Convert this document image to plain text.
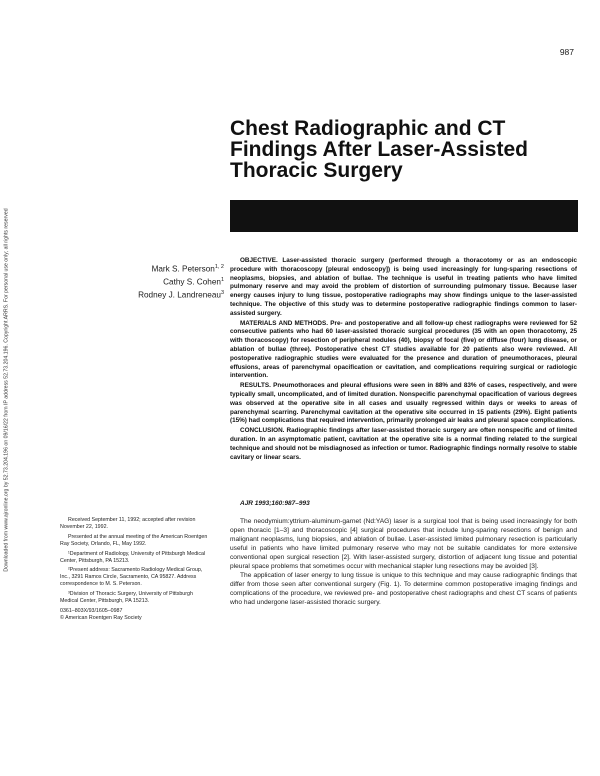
Downloaded from www.ajronline.org by 52.73.204.196 on 09/16/22 from IP address 52.73.204.196. Copyright ARRS. For personal use only; all rights reserved
987
Chest Radiographic and CT
Findings After Laser-Assisted
Thoracic Surgery
Mark S. Peterson$^{1, 2}$
Cathy S. Cohen$^1$
Rodney J. Landreneau$^3$

OBJECTIVE. Laser-assisted thoracic surgery (performed through a thoracotomy or as an endoscopic procedure with thoracoscopy [pleural endoscopy]) is being used increasingly for lung-sparing resections of neoplasms, biopsies, and ablation of bullae. The technique is useful in treating patients who have limited pulmonary reserve and may avoid the problem of distortion of surrounding pulmonary tissue. Because laser energy causes injury to lung tissue, postoperative radiographs may show findings unique to the laser-assisted technique. The objective of this study was to determine postoperative radiographic findings common to laser-assisted surgery.

MATERIALS AND METHODS. Pre- and postoperative and all follow-up chest radiographs were reviewed for 52 consecutive patients who had 60 laser-assisted thoracic surgical procedures (35 with an open thoracotomy, 25 with thoracoscopy) for resection of peripheral nodules (40), biopsy of focal (five) or diffuse (four) lung disease, or ablation of bullae (three). Postoperative chest CT studies available for 20 patients also were reviewed. All postoperative radiographic studies were evaluated for the presence and duration of pneumothoraces, pleural effusions, areas of parenchymal opacification or cavitation, and complications requiring surgical or radiologic intervention.

RESULTS. Pneumothoraces and pleural effusions were seen in 88% and 83% of cases, respectively, and were typically small, uncomplicated, and of limited duration. Nonspecific parenchymal opacification of various degrees was observed at the operative site in all cases and usually regressed within days or weeks to areas of parenchymal scarring. Parenchymal cavitation at the operative site occurred in 15 patients (29%). Eight patients (15%) had complications that required intervention, primarily prolonged air leaks and pleural space complications.

CONCLUSION. Radiographic findings after laser-assisted thoracic surgery are often nonspecific and of limited duration. In an asymptomatic patient, cavitation at the operative site is a normal finding related to the surgical technique and should not be misdiagnosed as infection or tumor. Radiographic findings normally resolve to stable cavitary or linear scars.

AJR 1993;160:987–993

The neodymium:yttrium-aluminum-garnet (Nd:YAG) laser is a surgical tool that is being used increasingly for both open thoracic [1–3] and thoracoscopic [4] surgical procedures that include lung-sparing resections of benign and malignant neoplasms, lung biopsies, and ablation of bullae. Laser-assisted limited pulmonary resection is particularly useful in patients who have limited pulmonary reserve who may not be suitable candidates for more extensive conventional open surgical resection [2]. With laser-assisted surgery, distortion of adjacent lung tissue and potential pleural space problems that sometimes occur with mechanical stapler lung resections may be avoided [3].

The application of laser energy to lung tissue is unique to this technique and may cause radiographic findings that differ from those seen after conventional surgery (Fig. 1). To determine common postoperative imaging findings and complications of the procedure, we reviewed pre- and postoperative chest radiographs and chest CT scans of patients who had undergone laser-assisted thoracic surgery.

Received September 11, 1992; accepted after revision November 22, 1992.

Presented at the annual meeting of the American Roentgen Ray Society, Orlando, FL, May 1992.

¹Department of Radiology, University of Pittsburgh Medical Center, Pittsburgh, PA 15213.

²Present address: Sacramento Radiology Medical Group, Inc., 3291 Ramos Circle, Sacramento, CA 95827. Address correspondence to M. S. Peterson.

³Division of Thoracic Surgery, University of Pittsburgh Medical Center, Pittsburgh, PA 15213.

0361–803X/93/1605–0987

© American Roentgen Ray Society
